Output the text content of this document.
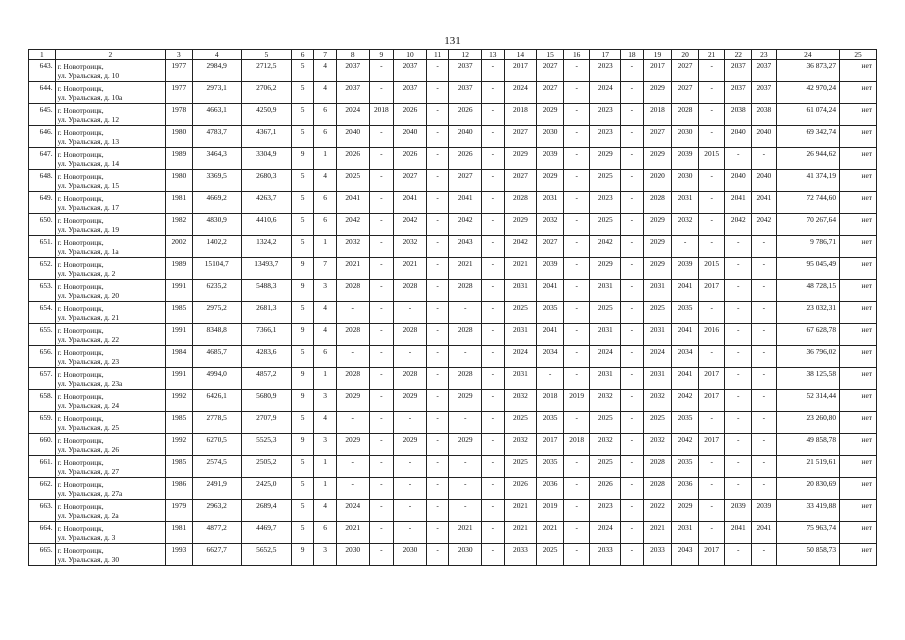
131
1	2	3	4	5	6	7	8	9	10	11	12	13	14	15	16	17	18	19	20	21	22	23	24	25
643.	г. Новотроицк,
ул. Уральская, д. 10	1977	2984,9	2712,5	5	4	2037	-	2037	-	2037	-	2017	2027	-	2023	-	2017	2027	-	2037	2037	36 873,27	нет
644.	г. Новотроицк,
ул. Уральская, д. 10а	1977	2973,1	2706,2	5	4	2037	-	2037	-	2037	-	2024	2027	-	2024	-	2029	2027	-	2037	2037	42 970,24	нет
645.	г. Новотроицк,
ул. Уральская, д. 12	1978	4663,1	4250,9	5	6	2024	2018	2026	-	2026	-	2018	2029	-	2023	-	2018	2028	-	2038	2038	61 074,24	нет
646.	г. Новотроицк,
ул. Уральская, д. 13	1980	4783,7	4367,1	5	6	2040	-	2040	-	2040	-	2027	2030	-	2023	-	2027	2030	-	2040	2040	69 342,74	нет
647.	г. Новотроицк,
ул. Уральская, д. 14	1989	3464,3	3304,9	9	1	2026	-	2026	-	2026	-	2029	2039	-	2029	-	2029	2039	2015	-	-	26 944,62	нет
648.	г. Новотроицк,
ул. Уральская, д. 15	1980	3369,5	2680,3	5	4	2025	-	2027	-	2027	-	2027	2029	-	2025	-	2020	2030	-	2040	2040	41 374,19	нет
649.	г. Новотроицк,
ул. Уральская, д. 17	1981	4669,2	4263,7	5	6	2041	-	2041	-	2041	-	2028	2031	-	2023	-	2028	2031	-	2041	2041	72 744,60	нет
650.	г. Новотроицк,
ул. Уральская, д. 19	1982	4830,9	4410,6	5	6	2042	-	2042	-	2042	-	2029	2032	-	2025	-	2029	2032	-	2042	2042	70 267,64	нет
651.	г. Новотроицк,
ул. Уральская, д. 1а	2002	1402,2	1324,2	5	1	2032	-	2032	-	2043	-	2042	2027	-	2042	-	2029	-	-	-	-	9 786,71	нет
652.	г. Новотроицк,
ул. Уральская, д. 2	1989	15104,7	13493,7	9	7	2021	-	2021	-	2021	-	2021	2039	-	2029	-	2029	2039	2015	-	-	95 045,49	нет
653.	г. Новотроицк,
ул. Уральская, д. 20	1991	6235,2	5488,3	9	3	2028	-	2028	-	2028	-	2031	2041	-	2031	-	2031	2041	2017	-	-	48 728,15	нет
654.	г. Новотроицк,
ул. Уральская, д. 21	1985	2975,2	2681,3	5	4	-	-	-	-	-	-	2025	2035	-	2025	-	2025	2035	-	-	-	23 032,31	нет
655.	г. Новотроицк,
ул. Уральская, д. 22	1991	8348,8	7366,1	9	4	2028	-	2028	-	2028	-	2031	2041	-	2031	-	2031	2041	2016	-	-	67 628,78	нет
656.	г. Новотроицк,
ул. Уральская, д. 23	1984	4685,7	4283,6	5	6	-	-	-	-	-	-	2024	2034	-	2024	-	2024	2034	-	-	-	36 796,02	нет
657.	г. Новотроицк,
ул. Уральская, д. 23а	1991	4994,0	4857,2	9	1	2028	-	2028	-	2028	-	2031	-	-	2031	-	2031	2041	2017	-	-	38 125,58	нет
658.	г. Новотроицк,
ул. Уральская, д. 24	1992	6426,1	5680,9	9	3	2029	-	2029	-	2029	-	2032	2018	2019	2032	-	2032	2042	2017	-	-	52 314,44	нет
659.	г. Новотроицк,
ул. Уральская, д. 25	1985	2778,5	2707,9	5	4	-	-	-	-	-	-	2025	2035	-	2025	-	2025	2035	-	-	-	23 260,80	нет
660.	г. Новотроицк,
ул. Уральская, д. 26	1992	6270,5	5525,3	9	3	2029	-	2029	-	2029	-	2032	2017	2018	2032	-	2032	2042	2017	-	-	49 858,78	нет
661.	г. Новотроицк,
ул. Уральская, д. 27	1985	2574,5	2505,2	5	1	-	-	-	-	-	-	2025	2035	-	2025	-	2028	2035	-	-	-	21 519,61	нет
662.	г. Новотроицк,
ул. Уральская, д. 27а	1986	2491,9	2425,0	5	1	-	-	-	-	-	-	2026	2036	-	2026	-	2028	2036	-	-	-	20 830,69	нет
663.	г. Новотроицк,
ул. Уральская, д. 2а	1979	2963,2	2689,4	5	4	2024	-	-	-	-	-	2021	2019	-	2023	-	2022	2029	-	2039	2039	33 419,88	нет
664.	г. Новотроицк,
ул. Уральская, д. 3	1981	4877,2	4469,7	5	6	2021	-	-	-	2021	-	2021	2021	-	2024	-	2021	2031	-	2041	2041	75 963,74	нет
665.	г. Новотроицк,
ул. Уральская, д. 30	1993	6627,7	5652,5	9	3	2030	-	2030	-	2030	-	2033	2025	-	2033	-	2033	2043	2017	-	-	50 858,73	нет
